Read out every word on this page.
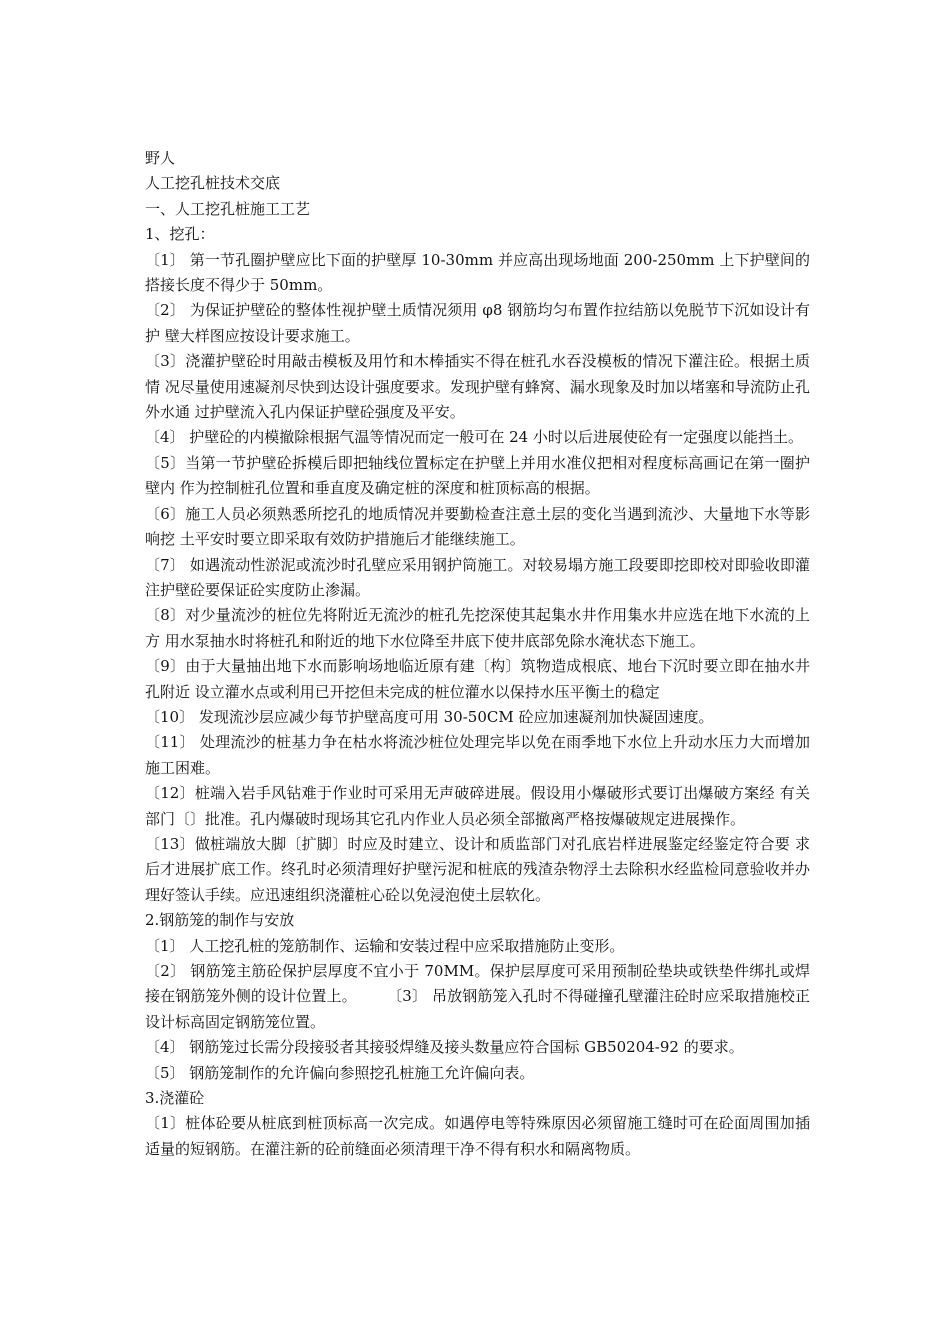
野人

人工挖孔桩技术交底

一、人工挖孔桩施工工艺

1、挖孔：

〔1〕 第一节孔圈护壁应比下面的护壁厚 10-30mm 并应高出现场地面 200-250mm 上下护壁间的搭接长度不得少于 50mm。

〔2〕 为保证护壁砼的整体性视护壁土质情况须用 φ8 钢筋均匀布置作拉结筋以免脱节下沉如设计有护 壁大样图应按设计要求施工。

〔3〕浇灌护壁砼时用敲击模板及用竹和木棒插实不得在桩孔水吞没模板的情况下灌注砼。根据土质情 况尽量使用速凝剂尽快到达设计强度要求。发现护壁有蜂窝、漏水现象及时加以堵塞和导流防止孔外水通 过护壁流入孔内保证护壁砼强度及平安。

〔4〕 护壁砼的内模撤除根据气温等情况而定一般可在 24 小时以后进展使砼有一定强度以能挡土。

〔5〕当第一节护壁砼拆模后即把轴线位置标定在护壁上并用水准仪把相对程度标高画记在第一圈护壁内 作为控制桩孔位置和垂直度及确定桩的深度和桩顶标高的根据。

〔6〕施工人员必须熟悉所挖孔的地质情况并要勤检查注意土层的变化当遇到流沙、大量地下水等影响挖 土平安时要立即采取有效防护措施后才能继续施工。

〔7〕 如遇流动性淤泥或流沙时孔壁应采用钢护筒施工。对较易塌方施工段要即挖即校对即验收即灌 注护壁砼要保证砼实度防止渗漏。

〔8〕对少量流沙的桩位先将附近无流沙的桩孔先挖深使其起集水井作用集水井应选在地下水流的上方 用水泵抽水时将桩孔和附近的地下水位降至井底下使井底部免除水淹状态下施工。

〔9〕由于大量抽出地下水而影响场地临近原有建〔构〕筑物造成根底、地台下沉时要立即在抽水井孔附近 设立灌水点或利用已开挖但未完成的桩位灌水以保持水压平衡土的稳定

〔10〕 发现流沙层应减少每节护壁高度可用 30-50CM 砼应加速凝剂加快凝固速度。

〔11〕 处理流沙的桩基力争在枯水将流沙桩位处理完毕以免在雨季地下水位上升动水压力大而增加 施工困难。

〔12〕桩端入岩手风钻难于作业时可采用无声破碎进展。假设用小爆破形式要订出爆破方案经 有关部门〔〕批准。孔内爆破时现场其它孔内作业人员必须全部撤离严格按爆破规定进展操作。

〔13〕做桩端放大脚〔扩脚〕时应及时建立、设计和质监部门对孔底岩样进展鉴定经鉴定符合要 求后才进展扩底工作。终孔时必须清理好护壁污泥和桩底的残渣杂物浮土去除积水经监检同意验收并办 理好签认手续。应迅速组织浇灌桩心砼以免浸泡使土层软化。

2.钢筋笼的制作与安放

〔1〕 人工挖孔桩的笼筋制作、运输和安装过程中应采取措施防止变形。

〔2〕 钢筋笼主筋砼保护层厚度不宜小于 70MM。保护层厚度可采用预制砼垫块或铁垫件绑扎或焊接在钢筋笼外侧的设计位置上。　　　〔3〕 吊放钢筋笼入孔时不得碰撞孔壁灌注砼时应采取措施校正设计标高固定钢筋笼位置。

〔4〕 钢筋笼过长需分段接驳者其接驳焊缝及接头数量应符合国标 GB50204-92 的要求。

〔5〕 钢筋笼制作的允许偏向参照挖孔桩施工允许偏向表。

3.浇灌砼

〔1〕桩体砼要从桩底到桩顶标高一次完成。如遇停电等特殊原因必须留施工缝时可在砼面周围加插适量的短钢筋。在灌注新的砼前缝面必须清理干净不得有积水和隔离物质。
